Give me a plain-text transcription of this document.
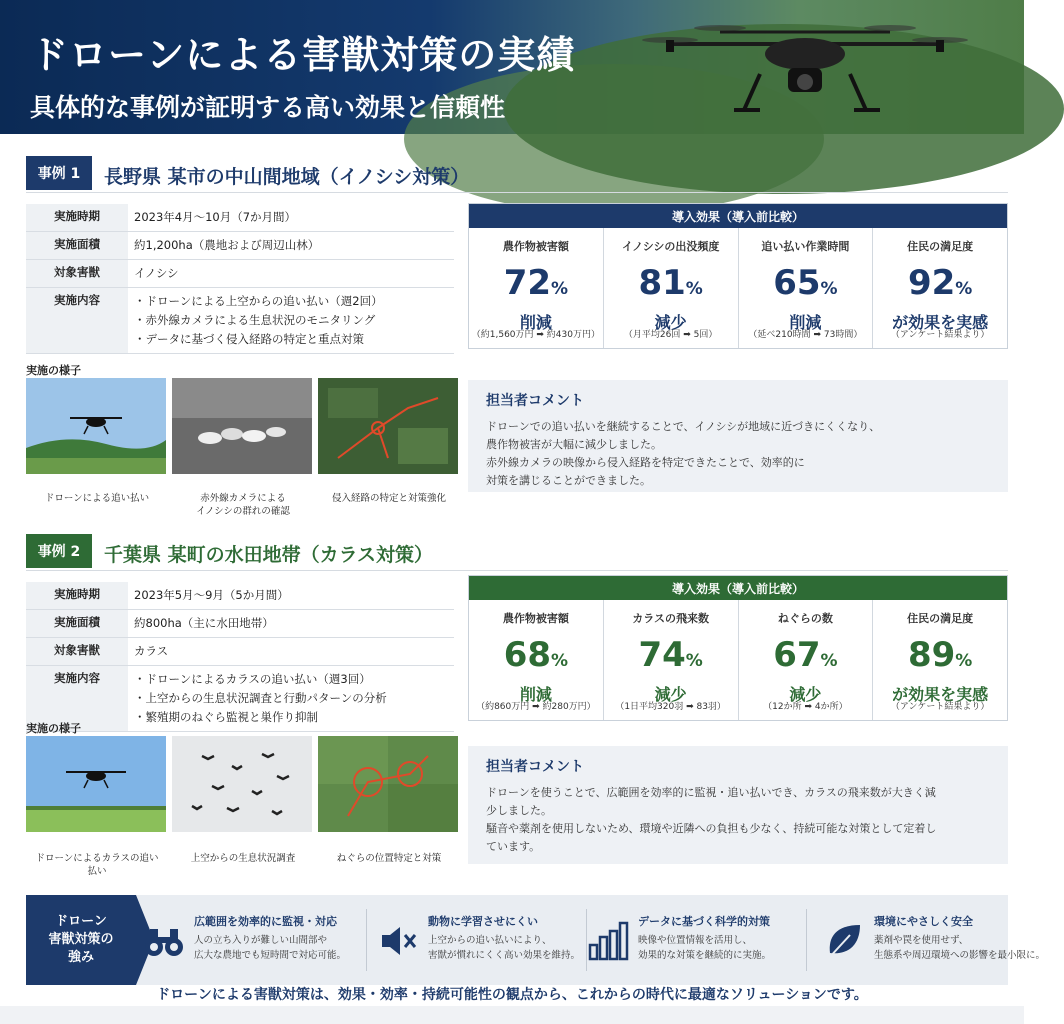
ドローンによる害獣対策の実績
具体的な事例が証明する高い効果と信頼性
事例 1	長野県 某市の中山間地域（イノシシ対策）
実施時期	2023年4月〜10月（7か月間）

実施面積	約1,200ha（農地および周辺山林）

対象害獣	イノシシ

実施内容	・ドローンによる上空からの追い払い（週2回）
・赤外線カメラによる生息状況のモニタリング
・データに基づく侵入経路の特定と重点対策
実施の様子
ドローンによる追い払い	赤外線カメラによる
イノシシの群れの確認
侵入経路の特定と対策強化
導入効果（導入前比較）
農作物被害額
72%
削減
（約1,560万円 ➡ 約430万円）
イノシシの出没頻度
81%
減少
（月平均26回 ➡ 5回）
追い払い作業時間
65%
削減
（延べ210時間 ➡ 73時間）
住民の満足度
92%
が効果を実感
（アンケート結果より）
担当者コメント
ドローンでの追い払いを継続することで、イノシシが地域に近づきにくくなり、
農作物被害が大幅に減少しました。
赤外線カメラの映像から侵入経路を特定できたことで、効率的に
対策を講じることができました。
事例 2	千葉県 某町の水田地帯（カラス対策）
実施時期	2023年5月〜9月（5か月間）

実施面積	約800ha（主に水田地帯）

対象害獣	カラス

実施内容	・ドローンによるカラスの追い払い（週3回）
・上空からの生息状況調査と行動パターンの分析
・繁殖期のねぐら監視と巣作り抑制
実施の様子
ドローンによるカラスの追い
払い
上空からの生息状況調査	ねぐらの位置特定と対策
導入効果（導入前比較）
農作物被害額
68%
削減
（約860万円 ➡ 約280万円）
カラスの飛来数
74%
減少
（1日平均320羽 ➡ 83羽）
ねぐらの数
67%
減少
（12か所 ➡ 4か所）
住民の満足度
89%
が効果を実感
（アンケート結果より）
担当者コメント
ドローンを使うことで、広範囲を効率的に監視・追い払いでき、カラスの飛来数が大きく減
少しました。
騒音や薬剤を使用しないため、環境や近隣への負担も少なく、持続可能な対策として定着し
ています。
ドローン
害獣対策の
強み
広範囲を効率的に監視・対応
人の立ち入りが難しい山間部や
広大な農地でも短時間で対応可能。
動物に学習させにくい
上空からの追い払いにより、
害獣が慣れにくく高い効果を維持。
データに基づく科学的対策
映像や位置情報を活用し、
効果的な対策を継続的に実施。
環境にやさしく安全
薬剤や罠を使用せず、
生態系や周辺環境への影響を最小限に。
ドローンによる害獣対策は、効果・効率・持続可能性の観点から、これからの時代に最適なソリューションです。
